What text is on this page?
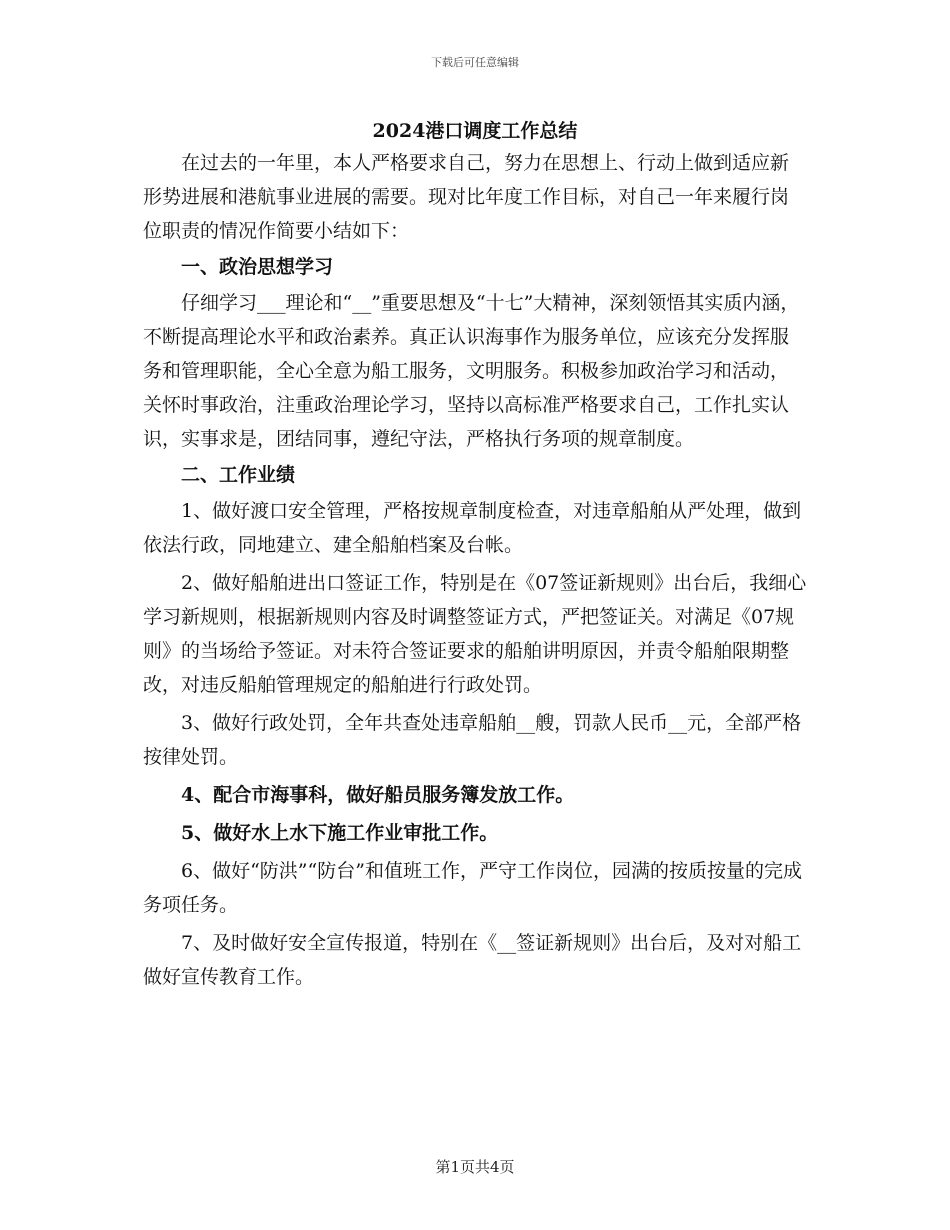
下载后可任意编辑
2024港口调度工作总结

在过去的一年里，本人严格要求自己，努力在思想上、行动上做到适应新形势进展和港航事业进展的需要。现对比年度工作目标，对自己一年来履行岗位职责的情况作简要小结如下：

一、政治思想学习

仔细学习___理论和“__”重要思想及“十七”大精神，深刻领悟其实质内涵，不断提高理论水平和政治素养。真正认识海事作为服务单位，应该充分发挥服务和管理职能，全心全意为船工服务，文明服务。积极参加政治学习和活动，关怀时事政治，注重政治理论学习，坚持以高标准严格要求自己，工作扎实认识，实事求是，团结同事，遵纪守法，严格执行务项的规章制度。

二、工作业绩

1、做好渡口安全管理，严格按规章制度检查，对违章船舶从严处理，做到依法行政，同地建立、建全船舶档案及台帐。

2、做好船舶进出口签证工作，特别是在《07签证新规则》出台后，我细心学习新规则，根据新规则内容及时调整签证方式，严把签证关。对满足《07规则》的当场给予签证。对未符合签证要求的船舶讲明原因，并责令船舶限期整改，对违反船舶管理规定的船舶进行行政处罚。

3、做好行政处罚，全年共查处违章船舶__艘，罚款人民币__元，全部严格按律处罚。

4、配合市海事科，做好船员服务簿发放工作。

5、做好水上水下施工作业审批工作。

6、做好“防洪”“防台”和值班工作，严守工作岗位，园满的按质按量的完成务项任务。

7、及时做好安全宣传报道，特别在《__签证新规则》出台后，及对对船工做好宣传教育工作。

第1页共4页
